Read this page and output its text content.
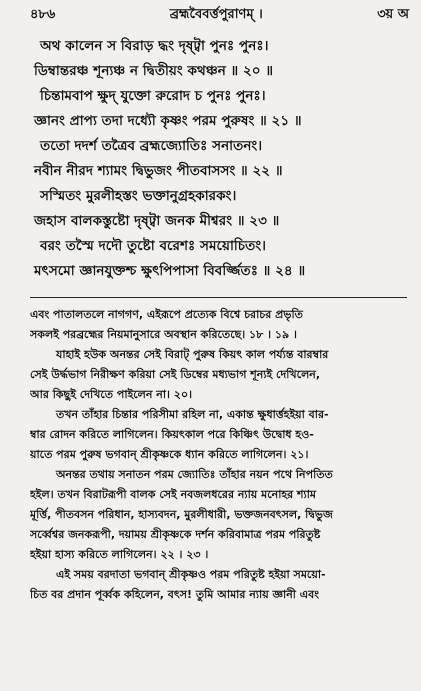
৪৮৬	ব্রহ্মবৈবর্ত্তপুরাণম্ ।	৩য় অ
অথ কালেন স বিরাড় দ্ধং দৃষ্ট্বা পুনঃ পুনঃ।
ডিম্বান্তরঞ্চ শূন্যঞ্চ ন দ্বিতীয়ং কথঞ্চন ॥ ২০ ॥
চিন্তামবাপ ক্ষুদ্ যুক্তো রুরোদ চ পুনঃ পুনঃ।
জ্ঞানং প্রাপ্য তদা দধ্যৌ কৃষ্ণং পরম পুরুষং ॥ ২১ ॥
ততো দদর্শ তত্রৈব ব্রহ্মজ্যোতিঃ সনাতনং।
নবীন নীরদ শ্যামং দ্বিভুজং পীতবাসসং ॥ ২২ ॥
সস্মিতং মুরলীহস্তং ভক্তানুগ্রহকারকং।
জহাস বালকস্তুষ্টো দৃষ্ট্বা জনক মীশ্বরং ॥ ২৩ ॥
বরং তস্মৈ দদৌ তুষ্টো বরেশঃ সময়োচিতং।
মৎসমো জ্ঞানযুক্তশ্চ ক্ষুৎপিপাসা বিবর্জ্জিতঃ ॥ ২৪ ॥
এবং পাতালতলে নাগগণ, এইরূপে প্রত্যেক বিশ্বে চরাচর প্রভৃতি
সকলই পরব্রহ্মের নিয়মানুসারে অবস্থান করিতেছে। ১৮ । ১৯ ।
যাহাই হউক অনন্তর সেই বিরাট্ পুরুষ কিয়ৎ কাল পর্য্যন্ত বারম্বার
সেই উর্দ্ধভাগ নিরীক্ষণ করিয়া সেই ডিম্বের মধ্যভাগ শূন্যই দেখিলেন,
আর কিছুই দেখিতে পাইলেন না। ২০।
তখন তাঁহার চিন্তার পরিসীমা রহিল না, একান্ত ক্ষুধার্ত্তহইয়া বার-
ম্বার রোদন করিতে লাগিলেন। কিয়ৎকাল পরে কিঞ্চিৎ উদ্বোধ হও-
য়াতে পরম পুরুষ ভগবান্ শ্রীকৃষ্ণকে ধ্যান করিতে লাগিলেন। ২১।
অনন্তর তথায় সনাতন পরম জ্যোতিঃ তাঁহার নয়ন পথে নিপতিত
হইল। তখন বিরাটরূপী বালক সেই নবজলধরের ন্যায় মনোহর শ্যাম
মূর্ত্তি, পীতবসন পরিধান, হাস্যবদন, মুরলীধারী, ভক্তজনবৎসল, দ্বিভুজ
সর্ব্বেশ্বর জনকরূপী, দয়াময় শ্রীকৃষ্ণকে দর্শন করিবামাত্র পরম পরিতুষ্ট
হইয়া হাস্য করিতে লাগিলেন। ২২ । ২৩ ।
এই সময় বরদাতা ভগবান্ শ্রীকৃষ্ণও পরম পরিতুষ্ট হইয়া সময়ো-
চিত বর প্রদান পূর্ব্বক কহিলেন, বৎস! তুমি আমার ন্যায় জ্ঞানী এবং
